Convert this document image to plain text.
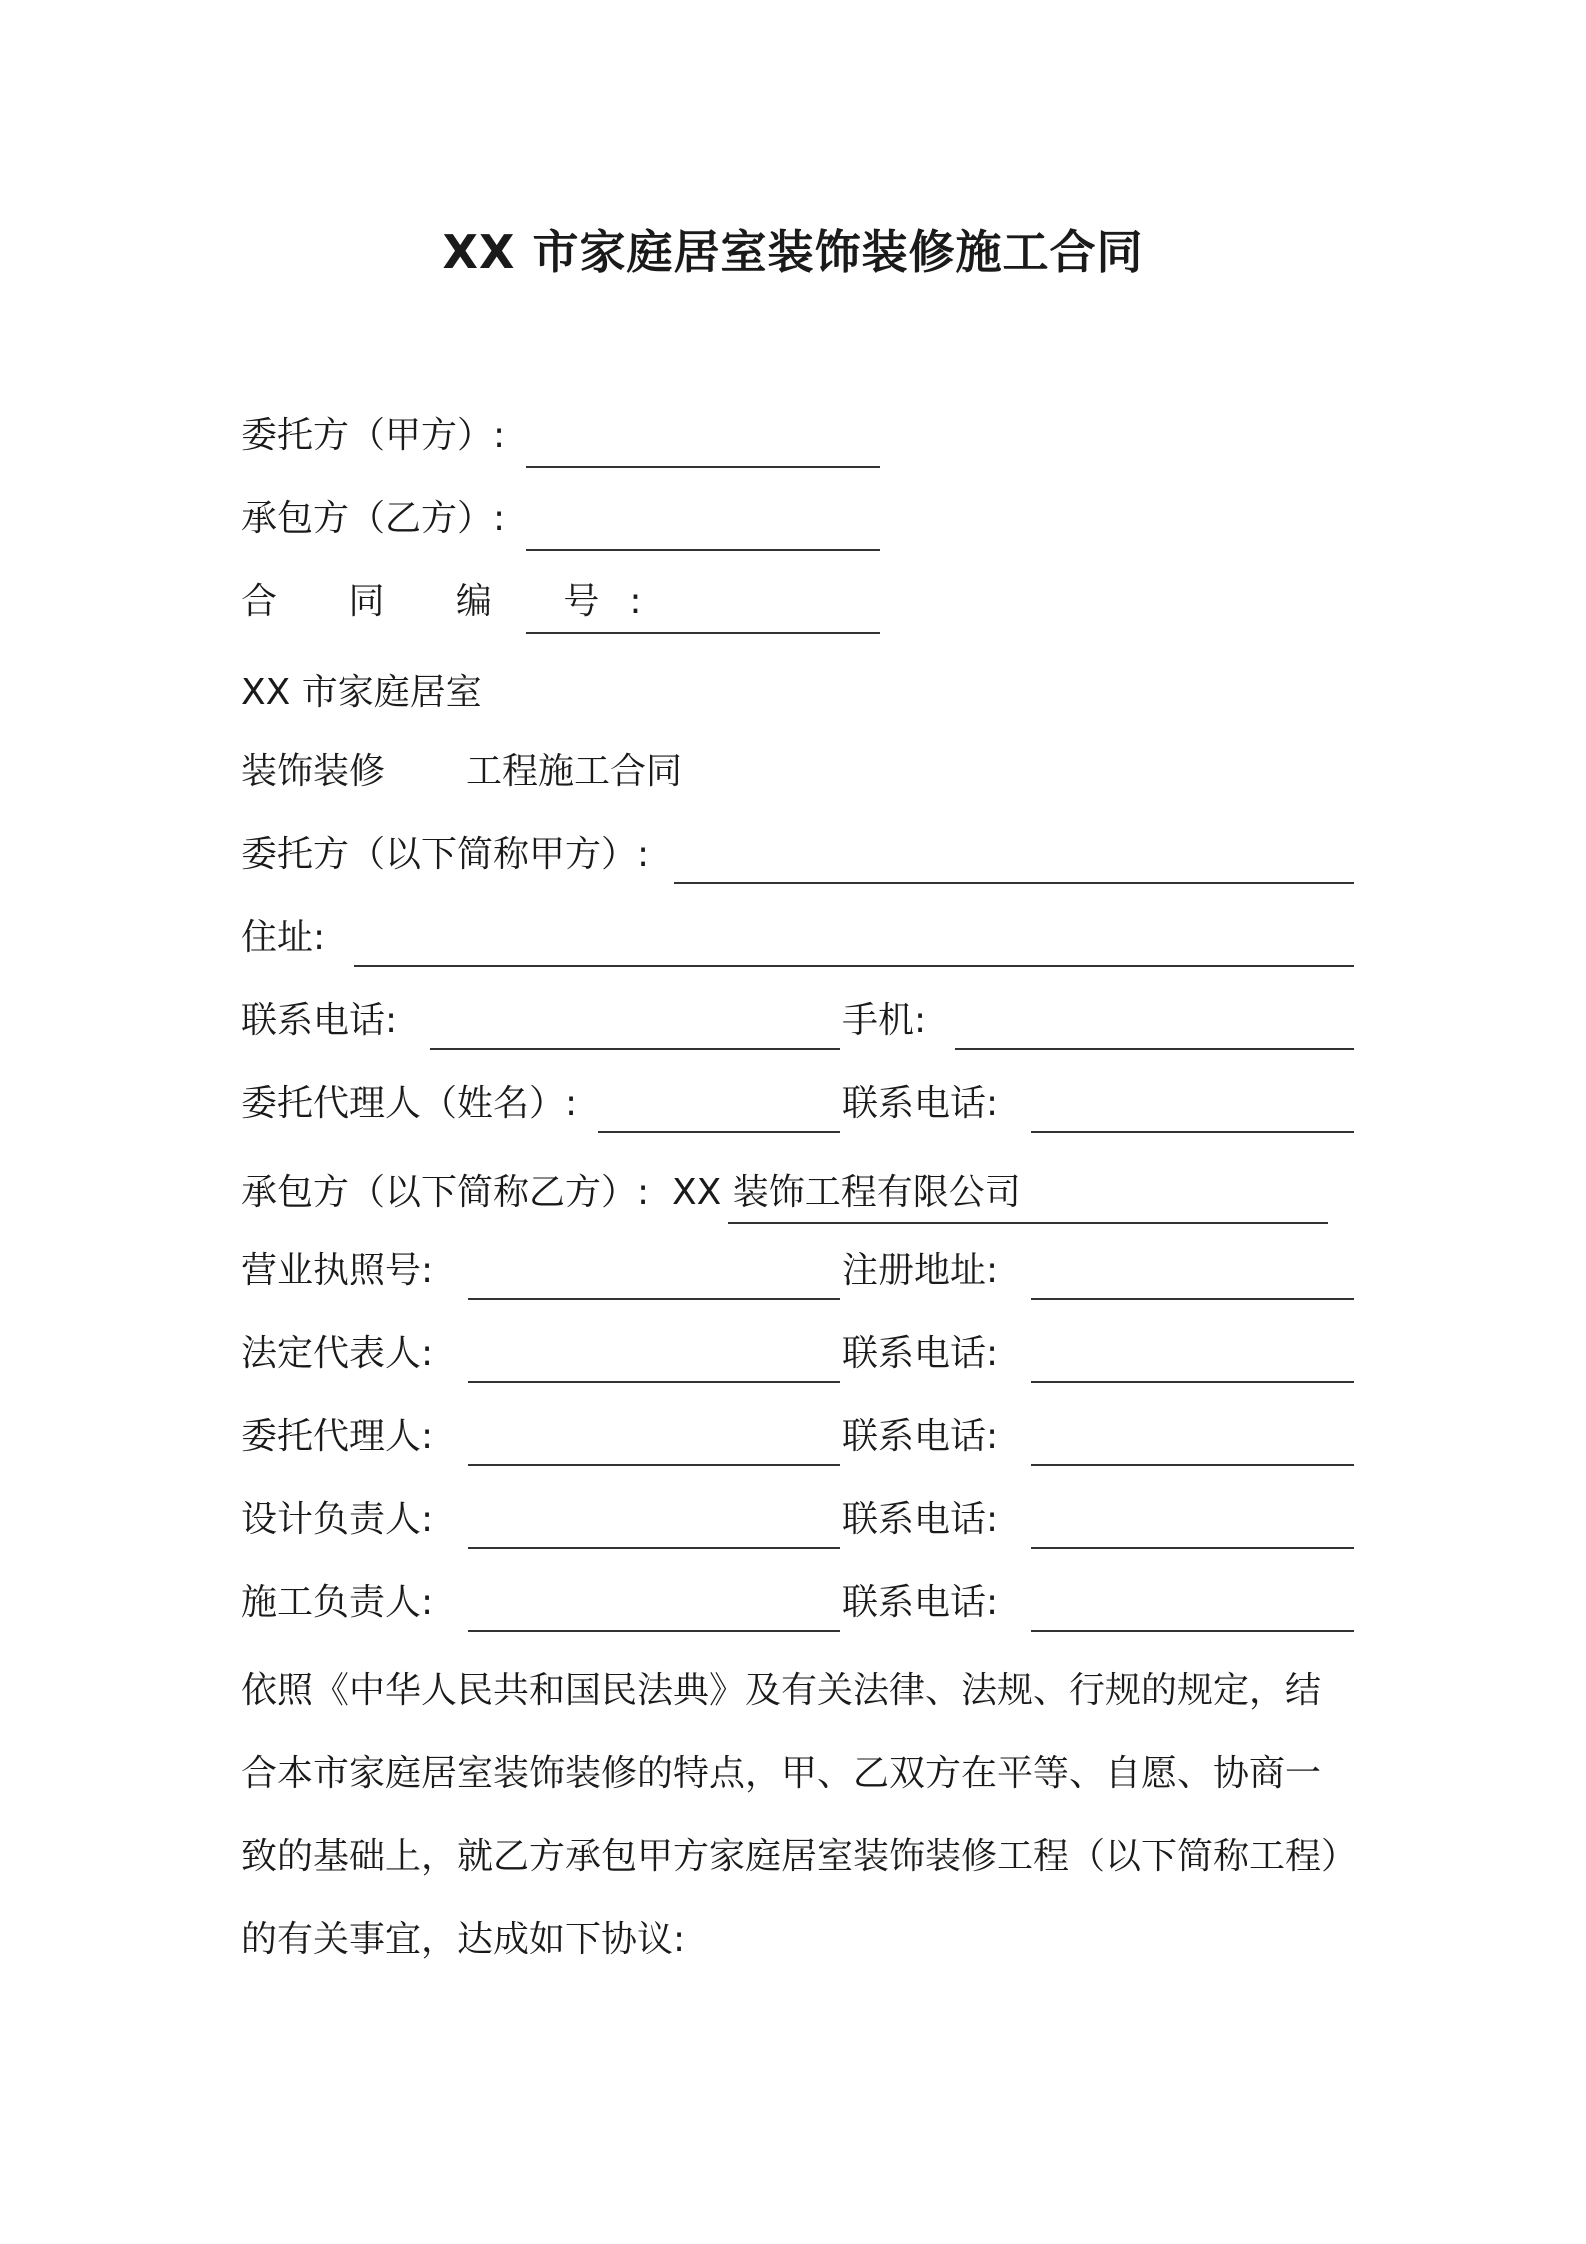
XX 市家庭居室装饰装修施工合同
委托方（甲方）:
承包方（乙方）:
合 同 编 号:
XX 市家庭居室
装饰装修 工程施工合同
委托方（以下简称甲方）:
住址:
联系电话:	手机:
委托代理人（姓名）:	联系电话:
承包方（以下简称乙方）: XX 装饰工程有限公司
营业执照号:	注册地址:
法定代表人:	联系电话:
委托代理人:	联系电话:
设计负责人:	联系电话:
施工负责人:	联系电话:
依照《中华人民共和国民法典》及有关法律、法规、行规的规定，结
合本市家庭居室装饰装修的特点，甲、乙双方在平等、自愿、协商一
致的基础上，就乙方承包甲方家庭居室装饰装修工程（以下简称工程）
的有关事宜，达成如下协议:
